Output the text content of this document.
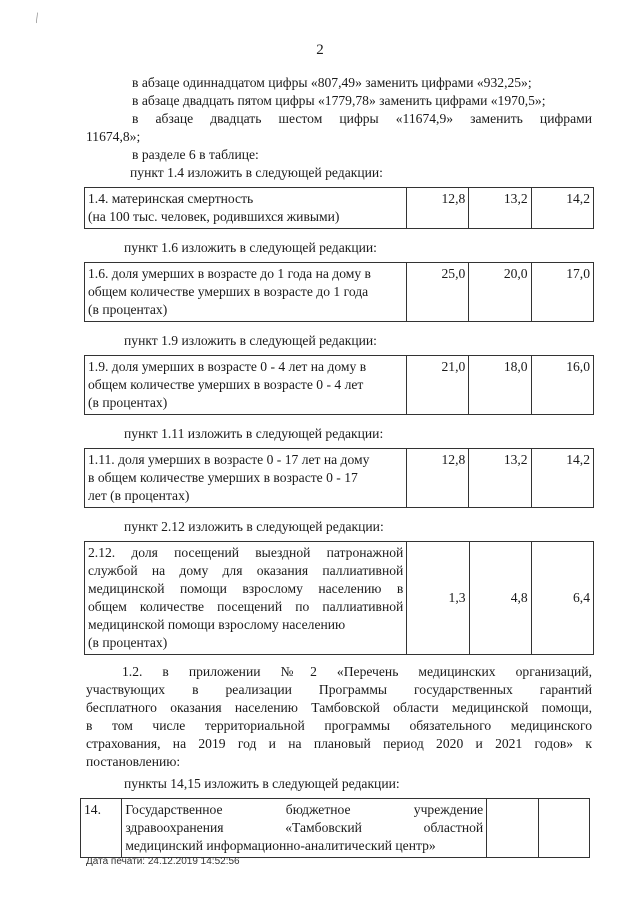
⁄
2

в абзаце одиннадцатом цифры «807,49» заменить цифрами «932,25»;

в абзаце двадцать пятом цифры «1779,78» заменить цифрами «1970,5»;

в абзаце двадцать шестом цифры «11674,9» заменить цифрами

11674,8»;

в разделе 6 в таблице:

пункт 1.4 изложить в следующей редакции:

1.4. материнская смертность
(на 100 тыс. человек, родившихся живыми)
	12,8	13,2	14,2

пункт 1.6 изложить в следующей редакции:

1.6. доля умерших в возрасте до 1 года на дому в
общем количестве умерших в возрасте до 1 года
(в процентах)
	25,0	20,0	17,0

пункт 1.9 изложить в следующей редакции:

1.9. доля умерших в возрасте 0 - 4 лет на дому в
общем количестве умерших в возрасте 0 - 4 лет
(в процентах)
	21,0	18,0	16,0

пункт 1.11 изложить в следующей редакции:

1.11. доля умерших в возрасте 0 - 17 лет на дому
в общем количестве умерших в возрасте 0 - 17
лет (в процентах)
	12,8	13,2	14,2

пункт 2.12 изложить в следующей редакции:

2.12. доля посещений выездной патронажной
службой на дому для оказания паллиативной
медицинской помощи взрослому населению в
общем количестве посещений по паллиативной
медицинской помощи взрослому населению
(в процентах)
	1,3	4,8	6,4

1.2. в приложении №2 «Перечень медицинских организаций,

участвующих в реализации Программы государственных гарантий

бесплатного оказания населению Тамбовской области медицинской помощи,

в том числе территориальной программы обязательного медицинского

страхования, на 2019 год и на плановый период 2020 и 2021 годов» к

постановлению:

пункты 14,15 изложить в следующей редакции:

14.	Государственное бюджетное учреждение
здравоохранения «Тамбовский областной
медицинский информационно-аналитический центр»

Дата печати: 24.12.2019 14:52:56
